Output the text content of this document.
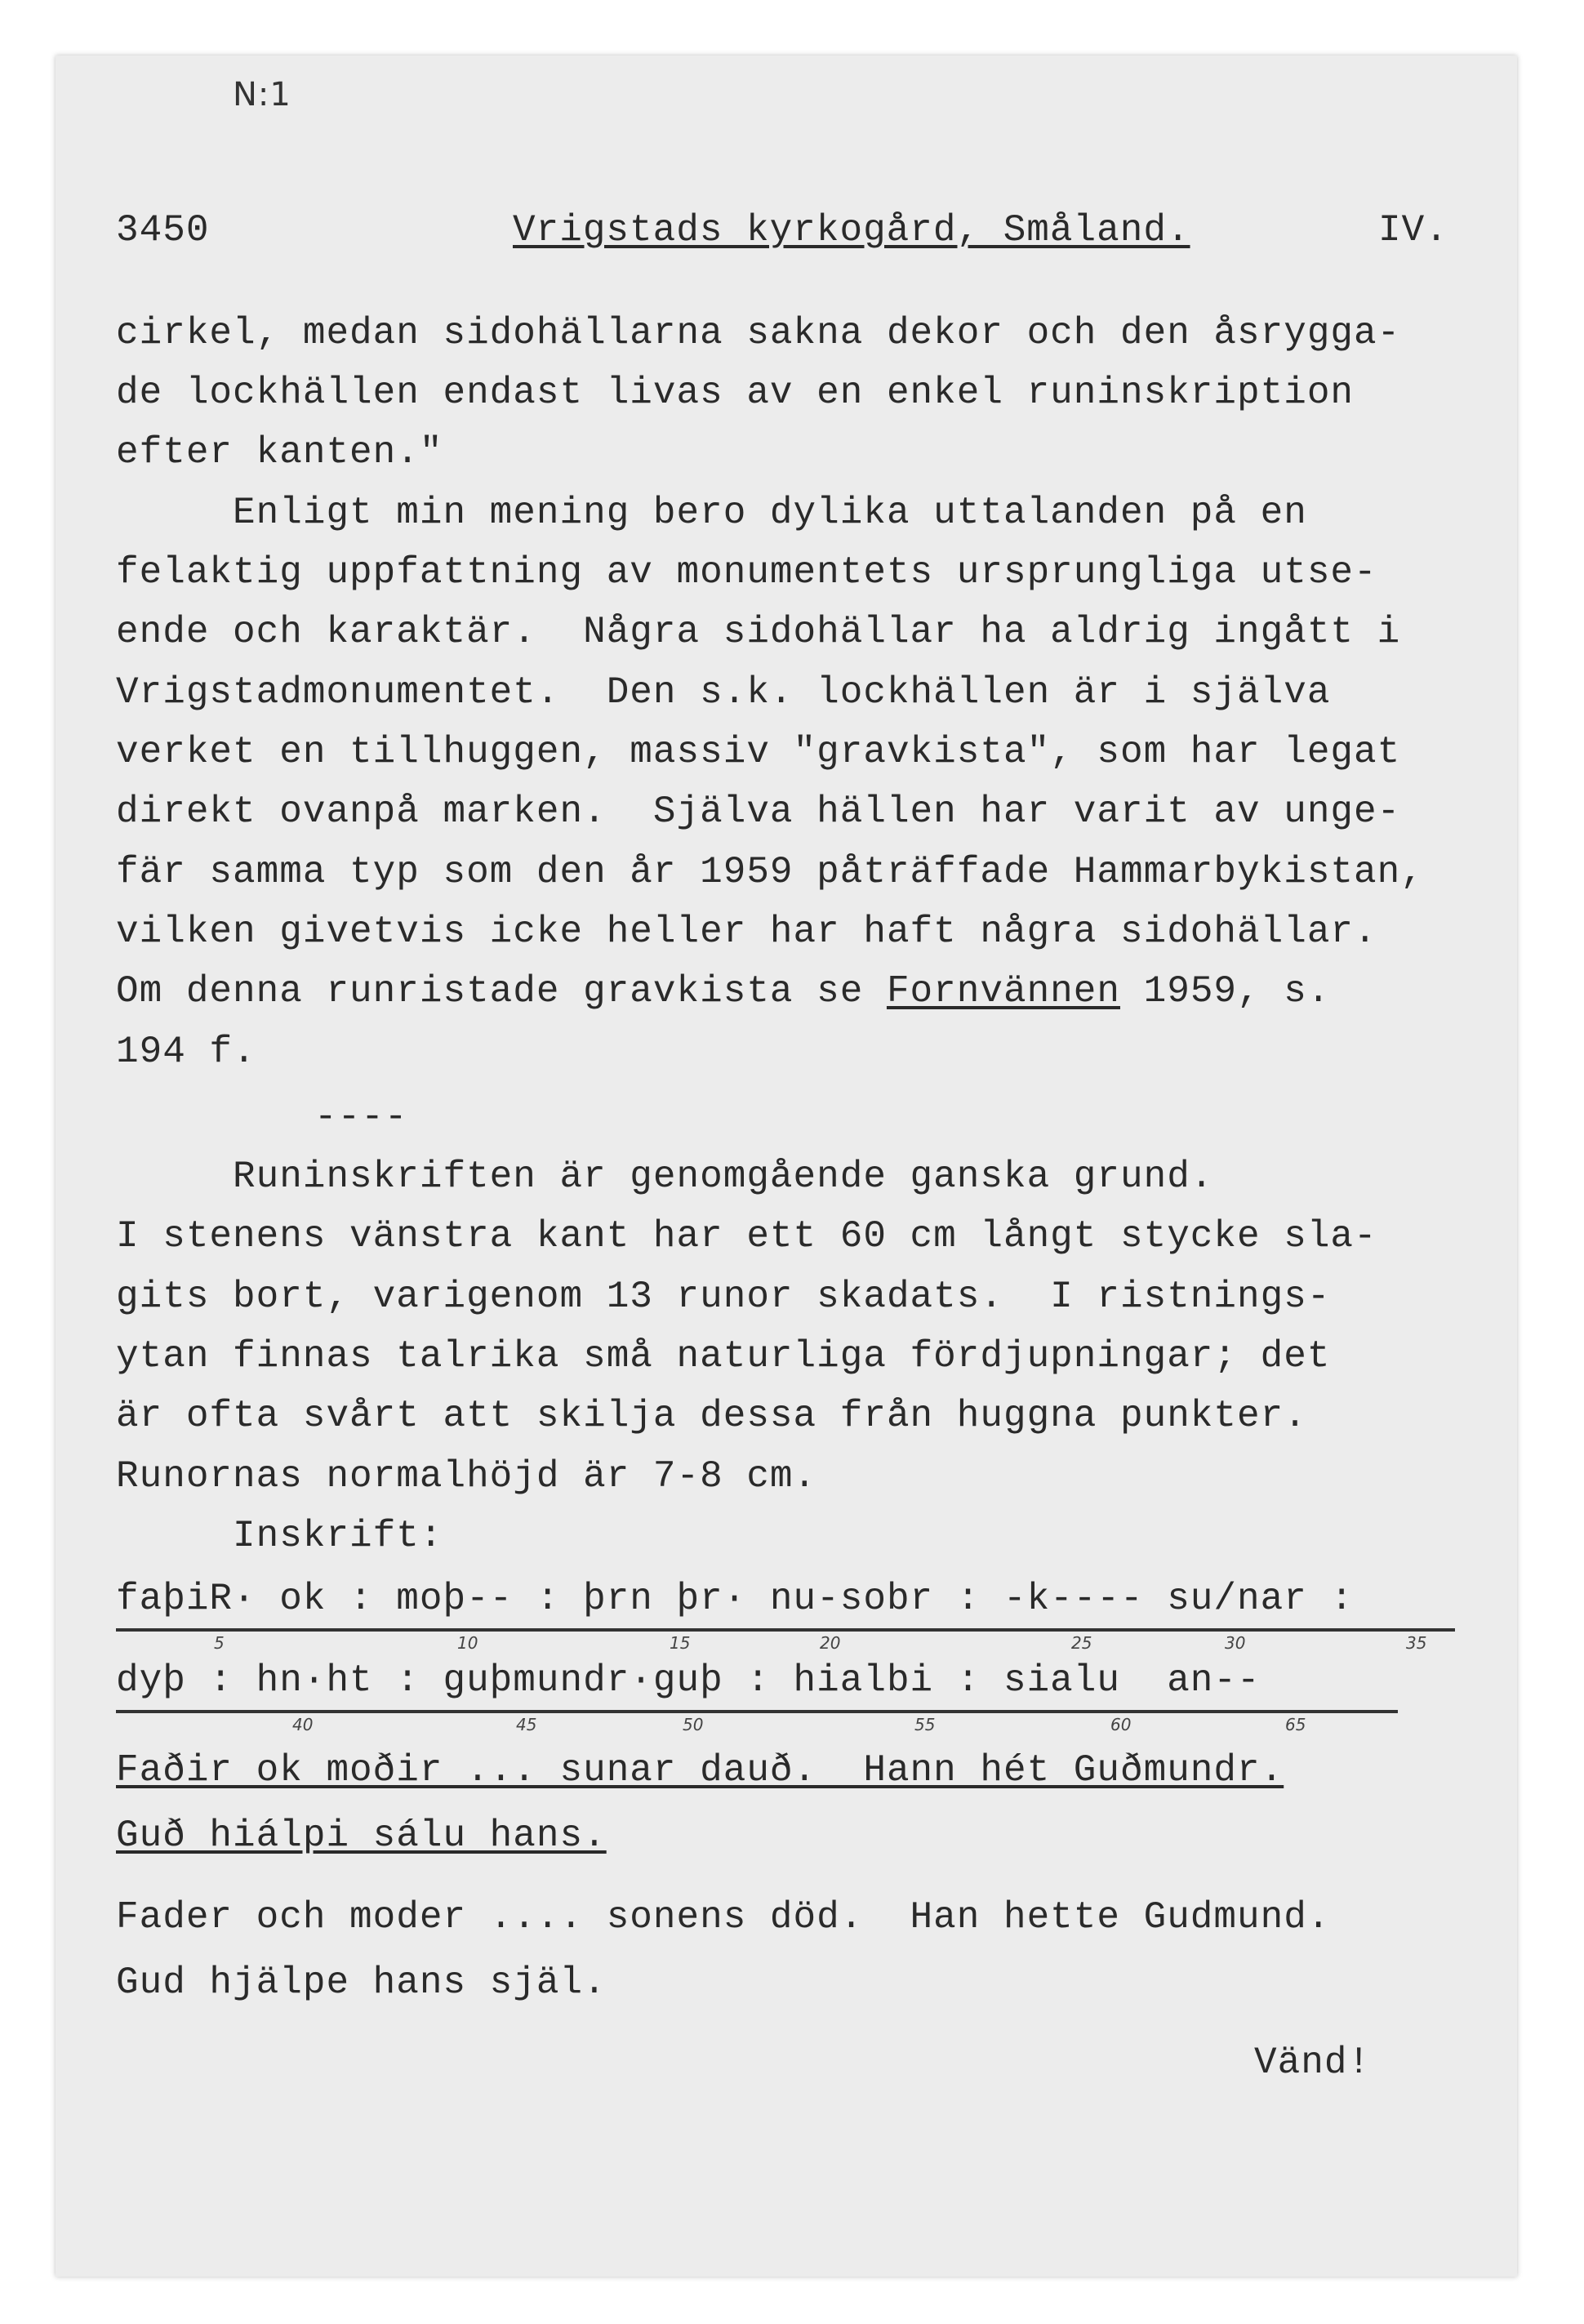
N:1
3450	Vrigstads kyrkogård, Småland.	IV.
cirkel, medan sidohällarna sakna dekor och den åsrygga-
de lockhällen endast livas av en enkel runinskription
efter kanten."
Enligt min mening bero dylika uttalanden på en
felaktig uppfattning av monumentets ursprungliga utse-
ende och karaktär.  Några sidohällar ha aldrig ingått i
Vrigstadmonumentet.  Den s.k. lockhällen är i själva
verket en tillhuggen, massiv "gravkista", som har legat
direkt ovanpå marken.  Själva hällen har varit av unge-
fär samma typ som den år 1959 påträffade Hammarbykistan,
vilken givetvis icke heller har haft några sidohällar.
Om denna runristade gravkista se Fornvännen 1959, s.
194 f.
----
Runinskriften är genomgående ganska grund.
I stenens vänstra kant har ett 60 cm långt stycke sla-
gits bort, varigenom 13 runor skadats.  I ristnings-
ytan finnas talrika små naturliga fördjupningar; det
är ofta svårt att skilja dessa från huggna punkter.
Runornas normalhöjd är 7-8 cm.
Inskrift:
faþiR· ok : moþ-- : þrn þr· nu-sobr : -k---- su/nar :
5	10	15	20	25	30	35
dyþ : hn·ht : guþmundr·guþ : hialbi : sialu  an--
40	45	50	55	60	65
Faðir ok moðir ... sunar dauð.  Hann hét Guðmundr.
Guð hiálpi sálu hans.
Fader och moder .... sonens död.  Han hette Gudmund.
Gud hjälpe hans själ.
Vänd!
